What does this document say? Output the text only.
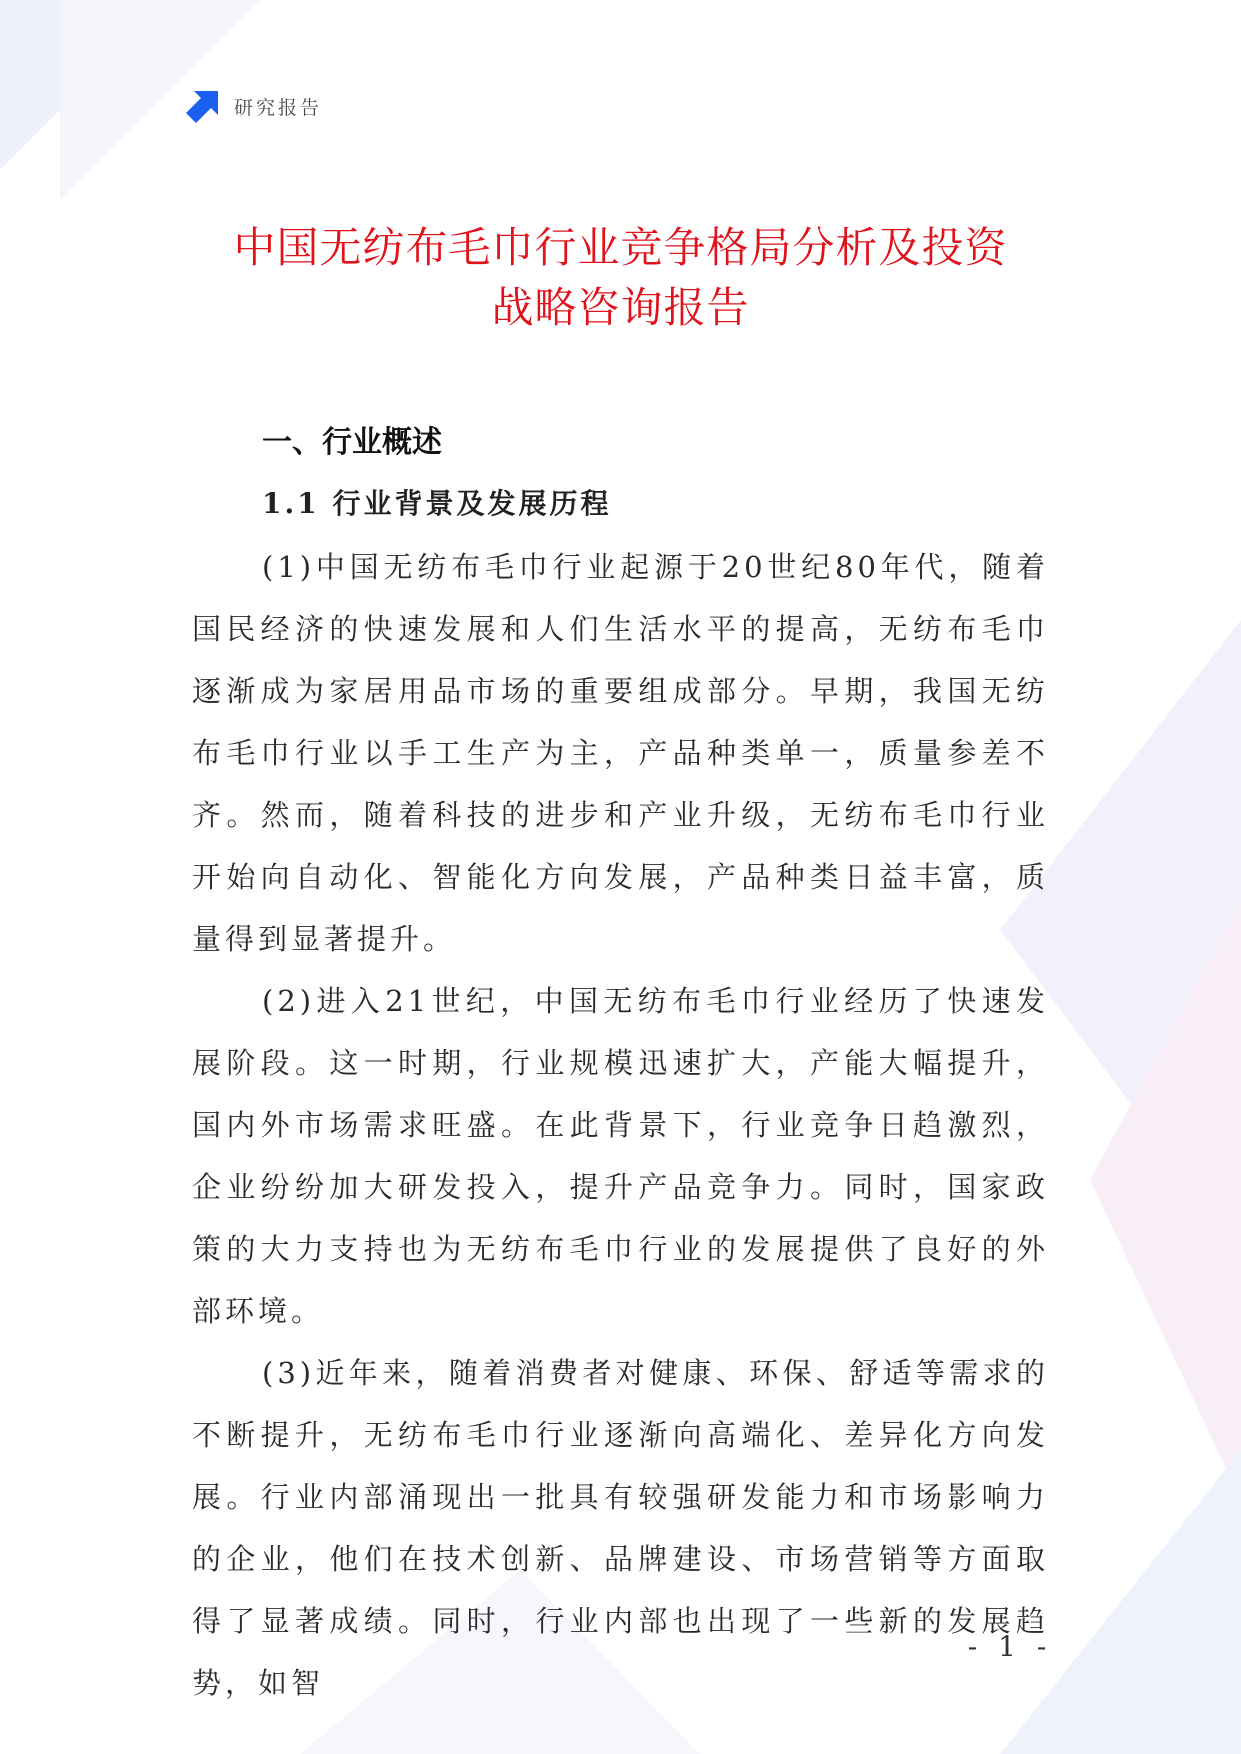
研究报告
中国无纺布毛巾行业竞争格局分析及投资
战略咨询报告
一、行业概述
1.1 行业背景及发展历程

(1)中国无纺布毛巾行业起源于20世纪80年代，随着国民经济的快速发展和人们生活水平的提高，无纺布毛巾逐渐成为家居用品市场的重要组成部分。早期，我国无纺布毛巾行业以手工生产为主，产品种类单一，质量参差不齐。然而，随着科技的进步和产业升级，无纺布毛巾行业开始向自动化、智能化方向发展，产品种类日益丰富，质量得到显著提升。

(2)进入21世纪，中国无纺布毛巾行业经历了快速发展阶段。这一时期，行业规模迅速扩大，产能大幅提升，国内外市场需求旺盛。在此背景下，行业竞争日趋激烈，企业纷纷加大研发投入，提升产品竞争力。同时，国家政策的大力支持也为无纺布毛巾行业的发展提供了良好的外部环境。

(3)近年来，随着消费者对健康、环保、舒适等需求的不断提升，无纺布毛巾行业逐渐向高端化、差异化方向发展。行业内部涌现出一批具有较强研发能力和市场影响力的企业，他们在技术创新、品牌建设、市场营销等方面取得了显著成绩。同时，行业内部也出现了一些新的发展趋势，如智

- 1 -
